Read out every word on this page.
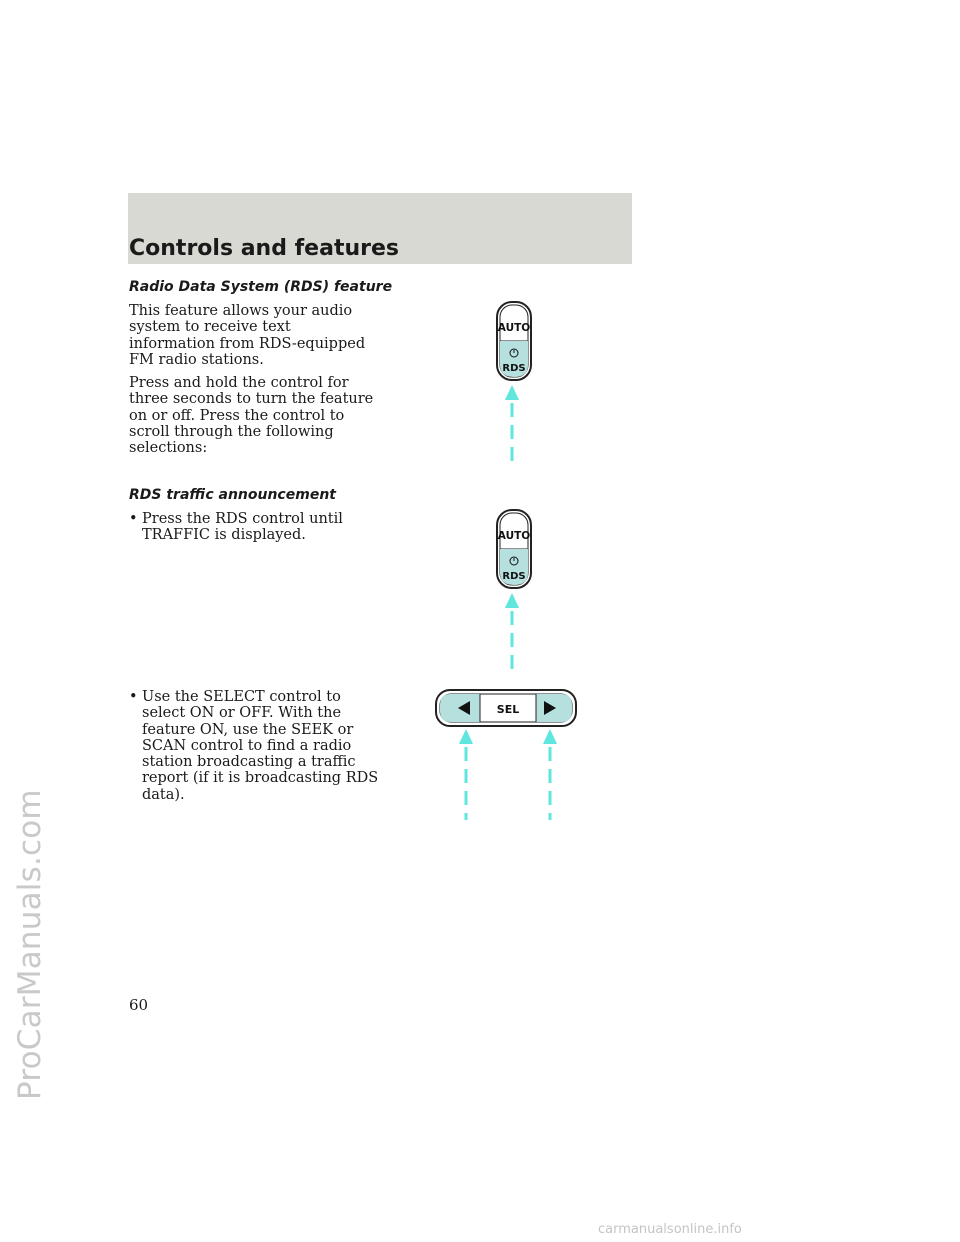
ProCarManuals.com
Controls and features
Radio Data System (RDS) feature

This feature allows your audio system to receive text information from RDS-equipped FM radio stations.

Press and hold the control for three seconds to turn the feature on or off. Press the control to scroll through the following selections:

RDS traffic announcement
• Press the RDS control until TRAFFIC is displayed.
• Use the SELECT control to select ON or OFF. With the feature ON, use the SEEK or SCAN control to find a radio station broadcasting a traffic report (if it is broadcasting RDS data).
AUTO
RDS
AUTO
RDS
SEL
60
carmanualsonline.info
